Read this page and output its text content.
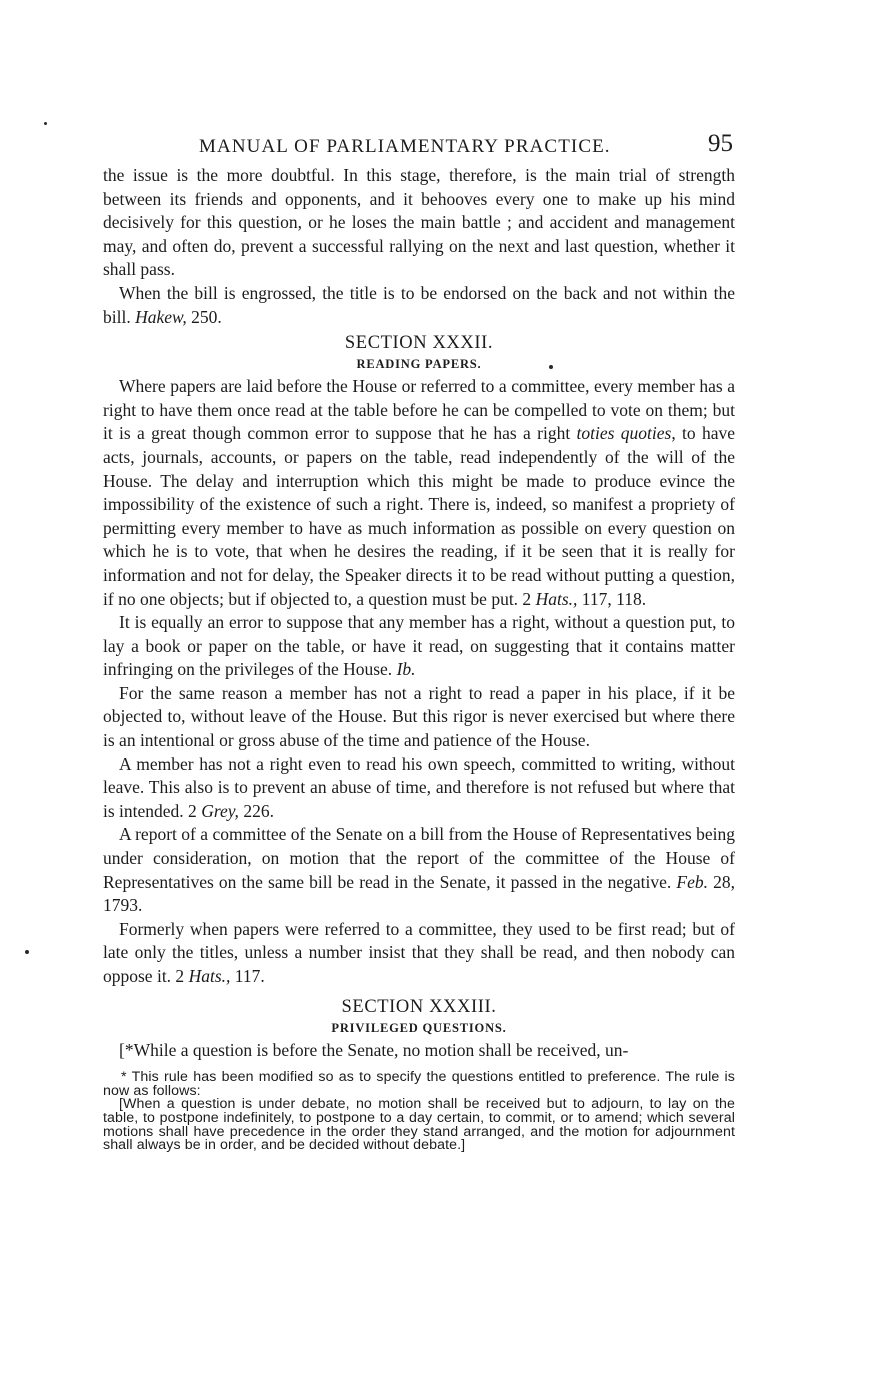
MANUAL OF PARLIAMENTARY PRACTICE.	95

the issue is the more doubtful. In this stage, therefore, is the main trial of strength between its friends and opponents, and it behooves every one to make up his mind decisively for this question, or he loses the main battle ; and accident and management may, and often do, prevent a successful rallying on the next and last question, whether it shall pass.

When the bill is engrossed, the title is to be endorsed on the back and not within the bill. Hakew, 250.

SECTION XXXII.
READING PAPERS.

Where papers are laid before the House or referred to a committee, every member has a right to have them once read at the table before he can be compelled to vote on them; but it is a great though common error to suppose that he has a right toties quoties, to have acts, journals, accounts, or papers on the table, read independently of the will of the House. The delay and interruption which this might be made to produce evince the impossibility of the existence of such a right. There is, indeed, so manifest a propriety of permitting every member to have as much information as possible on every question on which he is to vote, that when he desires the reading, if it be seen that it is really for information and not for delay, the Speaker directs it to be read without putting a question, if no one objects; but if objected to, a question must be put. 2 Hats., 117, 118.

It is equally an error to suppose that any member has a right, without a question put, to lay a book or paper on the table, or have it read, on suggesting that it contains matter infringing on the privileges of the House. Ib.

For the same reason a member has not a right to read a paper in his place, if it be objected to, without leave of the House. But this rigor is never exercised but where there is an intentional or gross abuse of the time and patience of the House.

A member has not a right even to read his own speech, committed to writing, without leave. This also is to prevent an abuse of time, and therefore is not refused but where that is intended. 2 Grey, 226.

A report of a committee of the Senate on a bill from the House of Representatives being under consideration, on motion that the report of the committee of the House of Representatives on the same bill be read in the Senate, it passed in the negative. Feb. 28, 1793.

Formerly when papers were referred to a committee, they used to be first read; but of late only the titles, unless a number insist that they shall be read, and then nobody can oppose it. 2 Hats., 117.

SECTION XXXIII.
PRIVILEGED QUESTIONS.

[*While a question is before the Senate, no motion shall be received, un-

* This rule has been modified so as to specify the questions entitled to preference. The rule is now as follows:
[When a question is under debate, no motion shall be received but to adjourn, to lay on the table, to postpone indefinitely, to postpone to a day certain, to commit, or to amend; which several motions shall have precedence in the order they stand arranged, and the motion for adjournment shall always be in order, and be decided without debate.]
